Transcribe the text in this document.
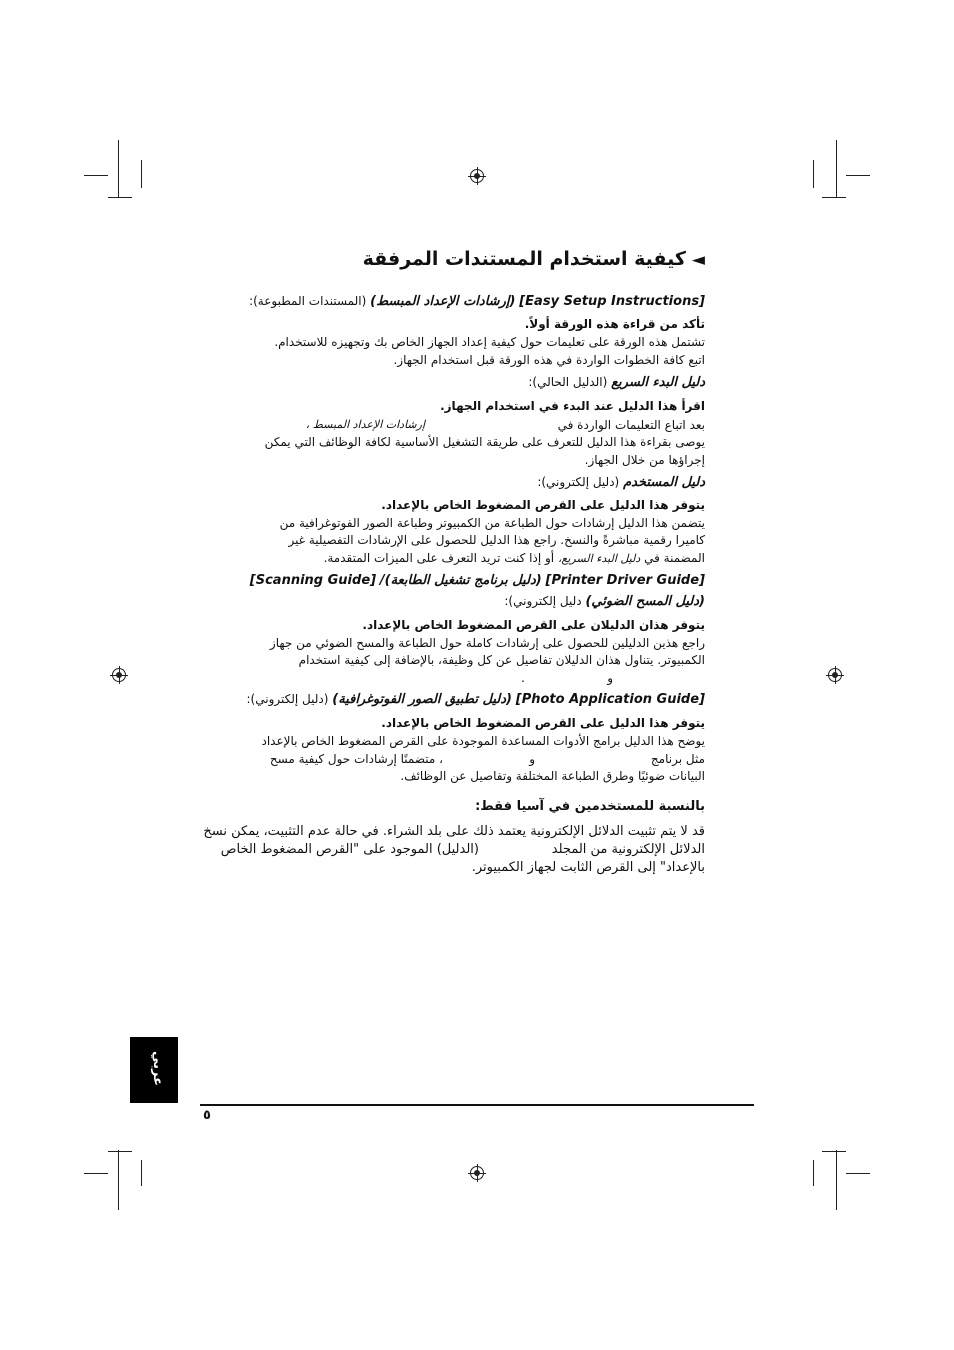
◄كيفية استخدام المستندات المرفقة
[Easy Setup Instructions] (إرشادات الإعداد المبسط) (المستندات المطبوعة):
تأكد من قراءة هذه الورقة أولاً.
تشتمل هذه الورقة على تعليمات حول كيفية إعداد الجهاز الخاص بك وتجهيزه للاستخدام.
اتبع كافة الخطوات الواردة في هذه الورقة قبل استخدام الجهاز.
دليل البدء السريع (الدليل الحالي):
اقرأ هذا الدليل عند البدء في استخدام الجهاز.
بعد اتباع التعليمات الواردة في
إرشادات الإعداد المبسط ،
يوصى بقراءة هذا الدليل للتعرف على طريقة التشغيل الأساسية لكافة الوظائف التي يمكن
إجراؤها من خلال الجهاز.
دليل المستخدم (دليل إلكتروني):
يتوفر هذا الدليل على القرص المضغوط الخاص بالإعداد.
يتضمن هذا الدليل إرشادات حول الطباعة من الكمبيوتر وطباعة الصور الفوتوغرافية من
كاميرا رقمية مباشرةً والنسخ. راجع هذا الدليل للحصول على الإرشادات التفصيلية غير
المضمنة في دليل البدء السريع، أو إذا كنت تريد التعرف على الميزات المتقدمة.
[Printer Driver Guide] (دليل برنامج تشغيل الطابعة)/ [Scanning Guide]
(دليل المسح الضوئي) دليل إلكتروني):
يتوفر هذان الدليلان على القرص المضغوط الخاص بالإعداد.
راجع هذين الدليلين للحصول على إرشادات كاملة حول الطباعة والمسح الضوئي من جهاز
الكمبيوتر. يتناول هذان الدليلان تفاصيل عن كل وظيفة، بالإضافة إلى كيفية استخدام
و
.
[Photo Application Guide] (دليل تطبيق الصور الفوتوغرافية) (دليل إلكتروني):
يتوفر هذا الدليل على القرص المضغوط الخاص بالإعداد.
يوضح هذا الدليل برامج الأدوات المساعدة الموجودة على القرص المضغوط الخاص بالإعداد
مثل برنامج
و
، متضمنًا إرشادات حول كيفية مسح
البيانات ضوئيًا وطرق الطباعة المختلفة وتفاصيل عن الوظائف.
بالنسبة للمستخدمين في آسيا فقط:
قد لا يتم تثبيت الدلائل الإلكترونية يعتمد ذلك على بلد الشراء. في حالة عدم التثبيت، يمكن نسخ
الدلائل الإلكترونية من المجلد
(الدليل) الموجود على "القرص المضغوط الخاص
بالإعداد" إلى القرص الثابت لجهاز الكمبيوتر.
عربي
٥
